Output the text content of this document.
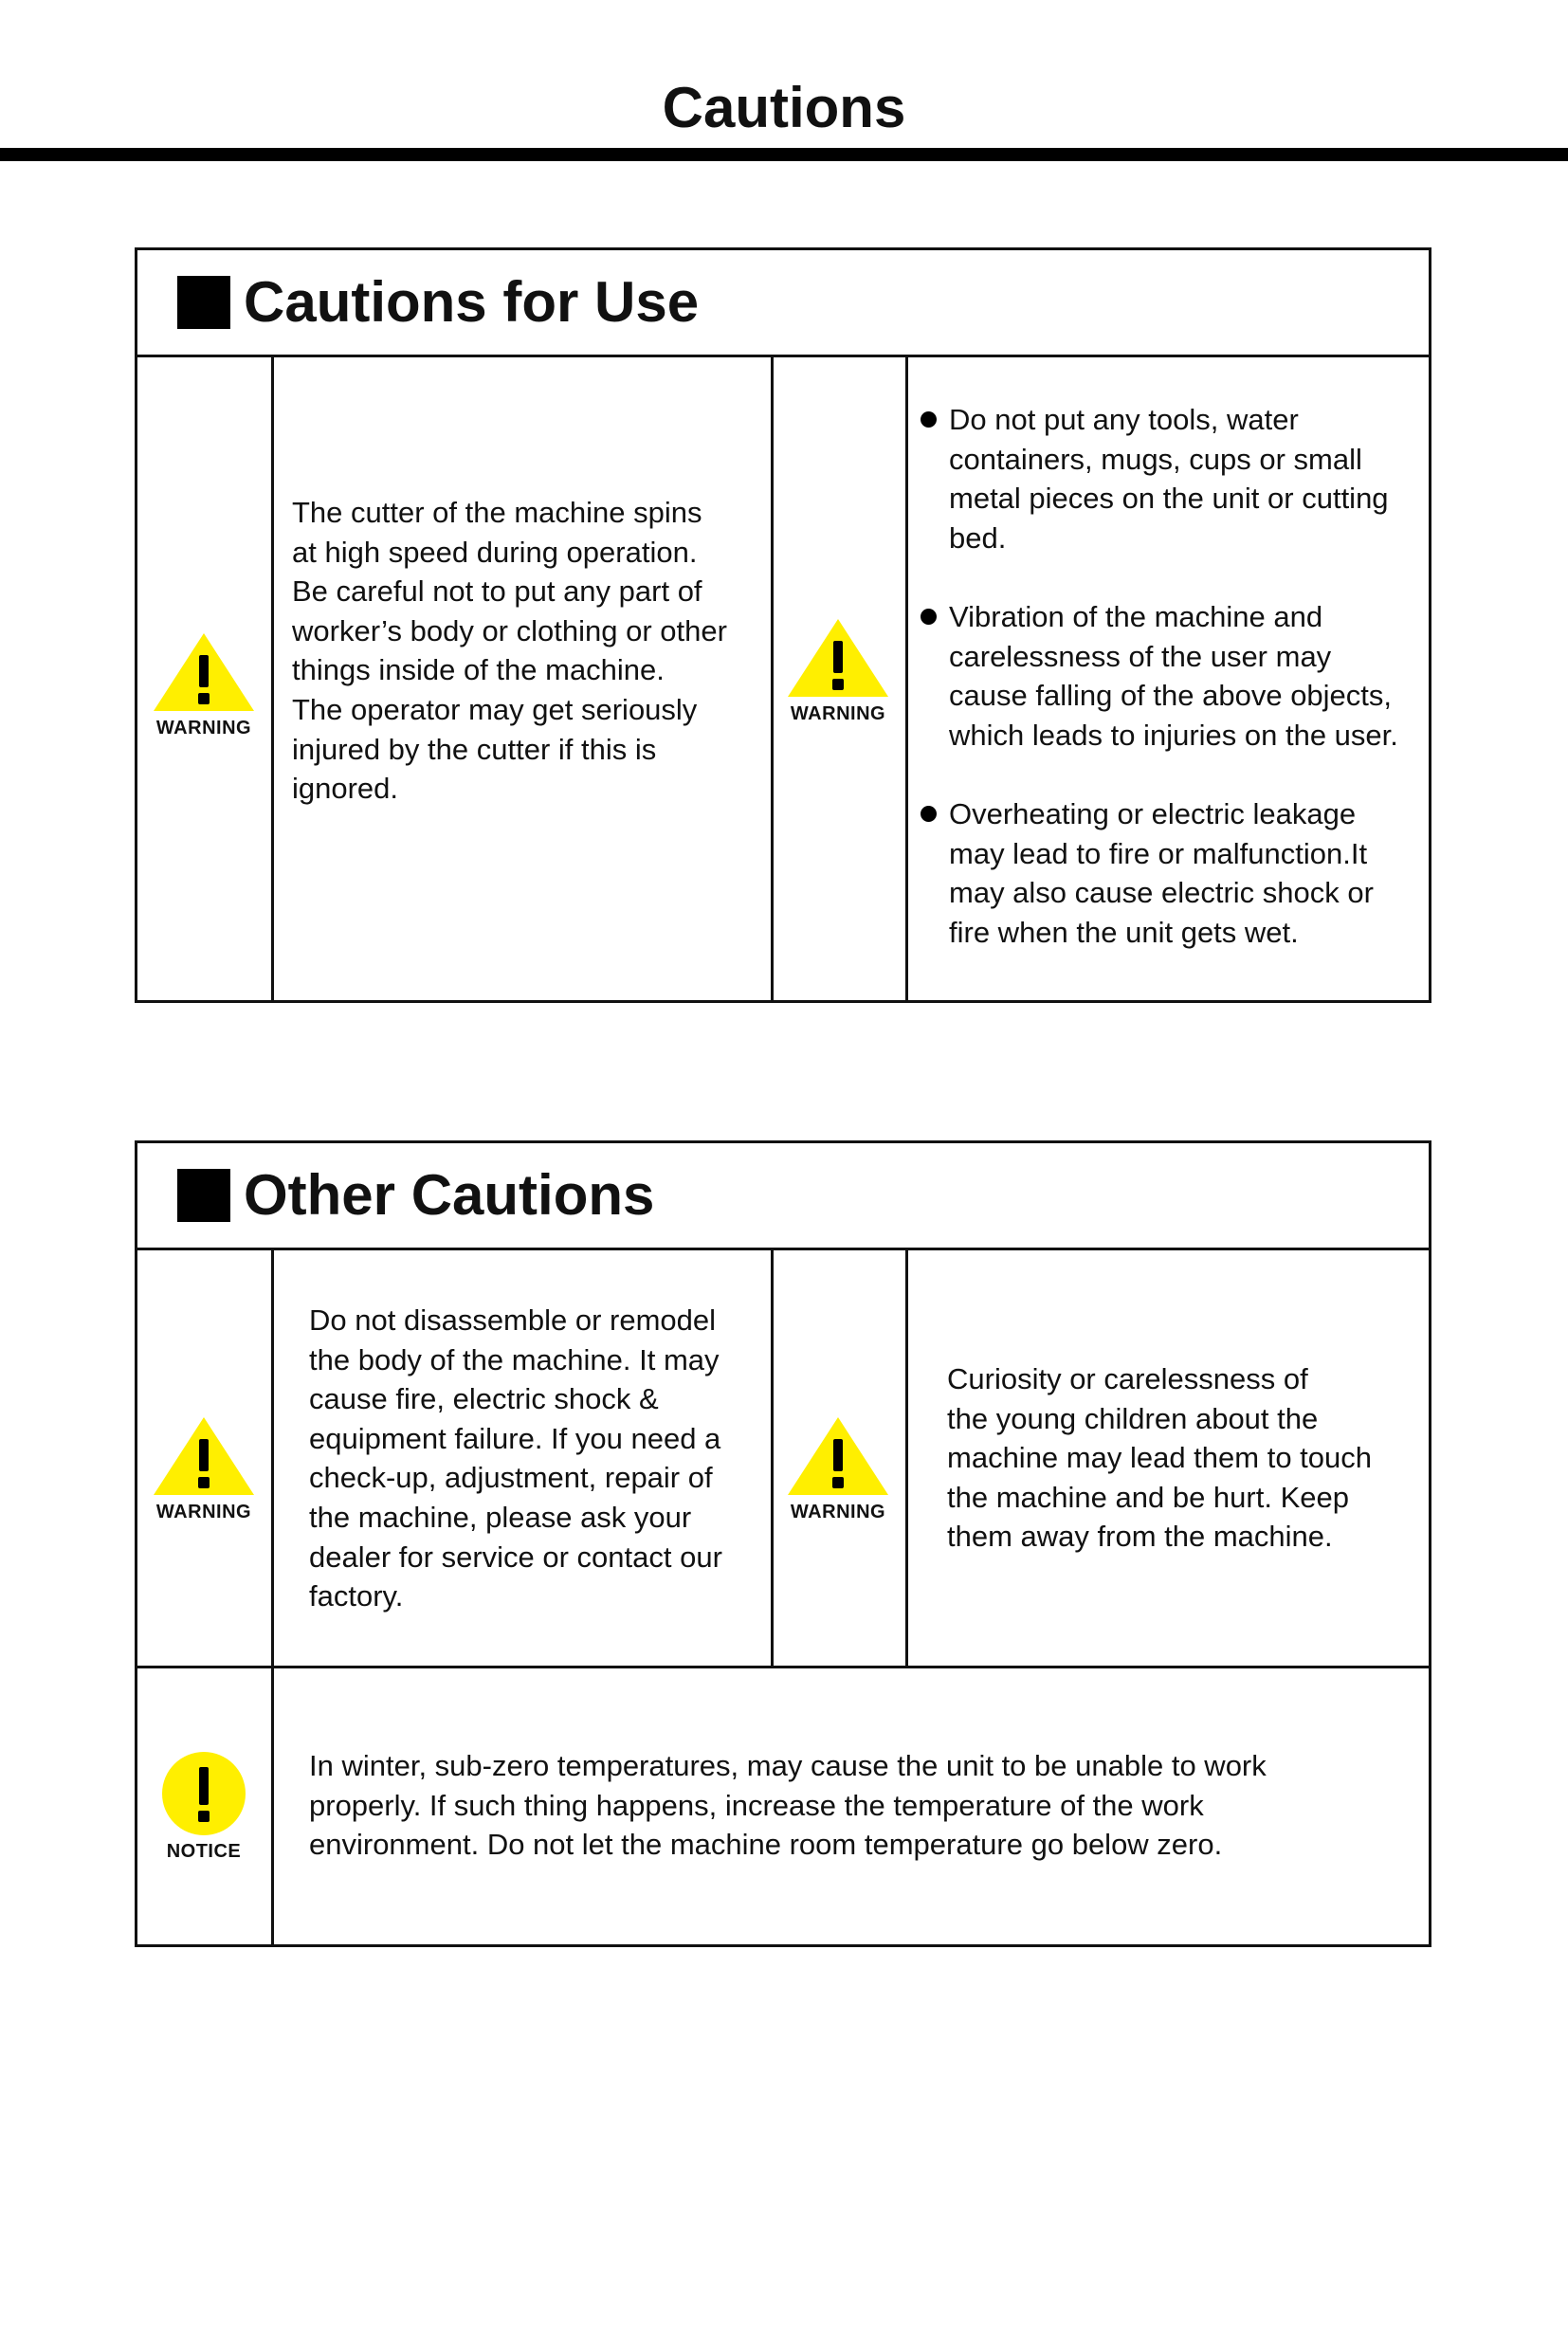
Cautions
Cautions for Use
WARNING
The cutter of the machine spins
at high speed during operation.
Be careful not to put any part of
worker’s body or clothing or other
things inside of the machine.
The operator may get seriously
injured by the cutter if this is
ignored.
WARNING
Do not put any tools, water
containers, mugs, cups or small
metal pieces on the unit or cutting
bed.
Vibration of the machine and
carelessness of the user may
cause falling of the above objects,
which leads to injuries on the user.
Overheating or electric leakage
may lead to fire or malfunction.It
may also cause electric shock or
fire when the unit gets wet.
Other Cautions
WARNING
Do not disassemble or remodel
the body of the machine. It may
cause fire, electric shock &
equipment failure. If you need a
check-up, adjustment, repair of
the machine, please ask your
dealer for service or contact our
factory.
WARNING
Curiosity or carelessness of
the young children about the
machine may lead them to touch
the machine and be hurt. Keep
them away from the machine.
NOTICE
In winter, sub-zero temperatures, may cause the unit to be unable to work
properly. If such thing happens, increase the temperature of the work
environment. Do not let the machine room temperature go below zero.
